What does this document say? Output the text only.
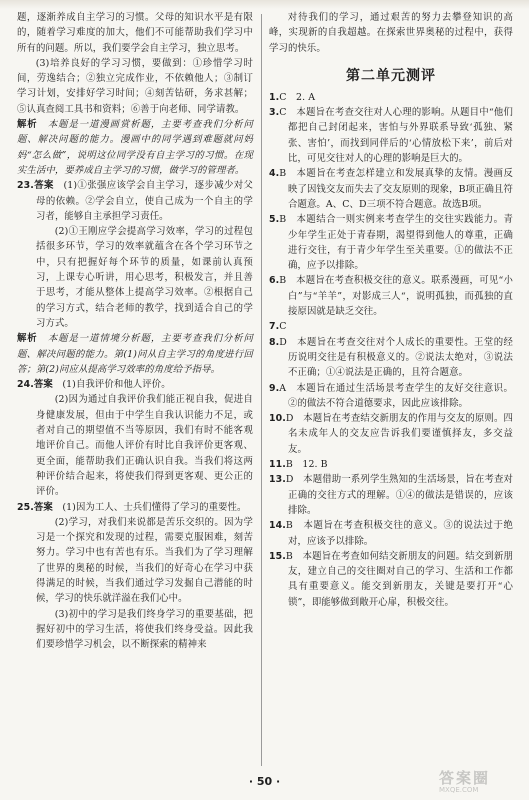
题，逐渐养成自主学习的习惯。父母的知识水平是有限的，随着学习难度的加大，他们不可能帮助我们学习中所有的问题。所以，我们要学会自主学习，独立思考。

(3)培养良好的学习习惯，要做到：①珍惜学习时间，劳逸结合；②独立完成作业，不依赖他人；③制订学习计划，安排好学习时间；④刻苦钻研，务求甚解；⑤认真查阅工具书和资料；⑥善于向老师、同学请教。

解析　 本题是一道漫画赏析题，主要考查我们分析问题、解决问题的能力。漫画中的同学遇到难题就问妈妈“怎么做”，说明这位同学没有自主学习的习惯。在现实生活中，要养成自主学习的习惯，做学习的管理者。

23.答案　 (1)①张强应该学会自主学习，逐步减少对父母的依赖。②学会自立，使自己成为一个自主的学习者，能够自主承担学习责任。

(2)①王刚应学会提高学习效率，学习的过程包括很多环节，学习的效率就蕴含在各个学习环节之中，只有把握好每个环节的质量，如课前认真预习，上课专心听讲，用心思考，积极发言，并且善于思考，才能从整体上提高学习效率。②根据自己的学习方式，结合老师的教学，找到适合自己的学习方式。

解析　 本题是一道情境分析题，主要考查我们分析问题、解决问题的能力。第(1)问从自主学习的角度进行回答；第(2)问应从提高学习效率的角度给予指导。

24.答案　 (1)自我评价和他人评价。

(2)因为通过自我评价我们能正视自我，促进自身健康发展，但由于中学生自我认识能力不足，或者对自己的期望值不当等原因，我们有时不能客观地评价自己。而他人评价有时比自我评价更客观、更全面，能帮助我们正确认识自我。当我们将这两种评价结合起来，将使我们得到更客观、更公正的评价。

25.答案　 (1)因为工人、士兵们懂得了学习的重要性。

(2)学习，对我们来说都是苦乐交织的。因为学习是一个探究和发现的过程，需要克服困难，刻苦努力。学习中也有苦也有乐。当我们为了学习理解了世界的奥秘的时候，当我们的好奇心在学习中获得满足的时候，当我们通过学习发掘自己潜能的时候，学习的快乐就洋溢在我们心中。

(3)初中的学习是我们终身学习的重要基础，把握好初中的学习生活，将使我们终身受益。因此我们要珍惜学习机会，以不断探索的精神来

对待我们的学习，通过艰苦的努力去攀登知识的高峰，实现新的自我超越。在探索世界奥秘的过程中，获得学习的快乐。

第二单元测评

1.C　2. A

3.C　本题旨在考查交往对人心理的影响。从题目中“他们都把自己封闭起来，害怕与外界联系导致‘孤独、紧张、害怕’，而找到同伴后的‘心情放松下来’，前后对比，可见交往对人的心理的影响是巨大的。

4.B　本题旨在考查怎样建立和发展真挚的友情。漫画反映了因钱交友而失去了交友原则的现象，B项正确且符合题意。A、C、D三项不符合题意。故选B项。

5.B　本题结合一则实例来考查学生的交往实践能力。青少年学生正处于青春期，渴望得到他人的尊重，正确进行交往，有于青少年学生至关重要。①的做法不正确，应予以排除。

6.B　本题旨在考查积极交往的意义。联系漫画，可见“小白”与“羊羊”，对影成三人“，说明孤独，而孤独的直接原因就是缺乏交往。

7.C

8.D　本题旨在考查交往对个人成长的重要性。王堂的经历说明交往是有积极意义的。②说法太绝对，③说法不正确；①④说法是正确的，且符合题意。

9.A　本题旨在通过生活场景考查学生的友好交往意识。②的做法不符合道德要求，因此应该排除。

10.D　本题旨在考查结交新朋友的作用与交友的原则。四名未成年人的交友应告诉我们要谨慎择友，多交益友。

11.B　12. B

13.D　本题借助一系列学生熟知的生活场景，旨在考查对正确的交往方式的理解。①④的做法是错误的，应该排除。

14.B　本题旨在考查积极交往的意义。③的说法过于绝对，应该予以排除。

15.B　本题旨在考查如何结交新朋友的问题。结交到新朋友，建立自己的交往圈对自己的学习、生活和工作都具有重要意义。能交到新朋友，关键是要打开“心锁”，即能够做到敞开心扉，积极交往。

· 50 ·	答案圈
MXQE.COM
